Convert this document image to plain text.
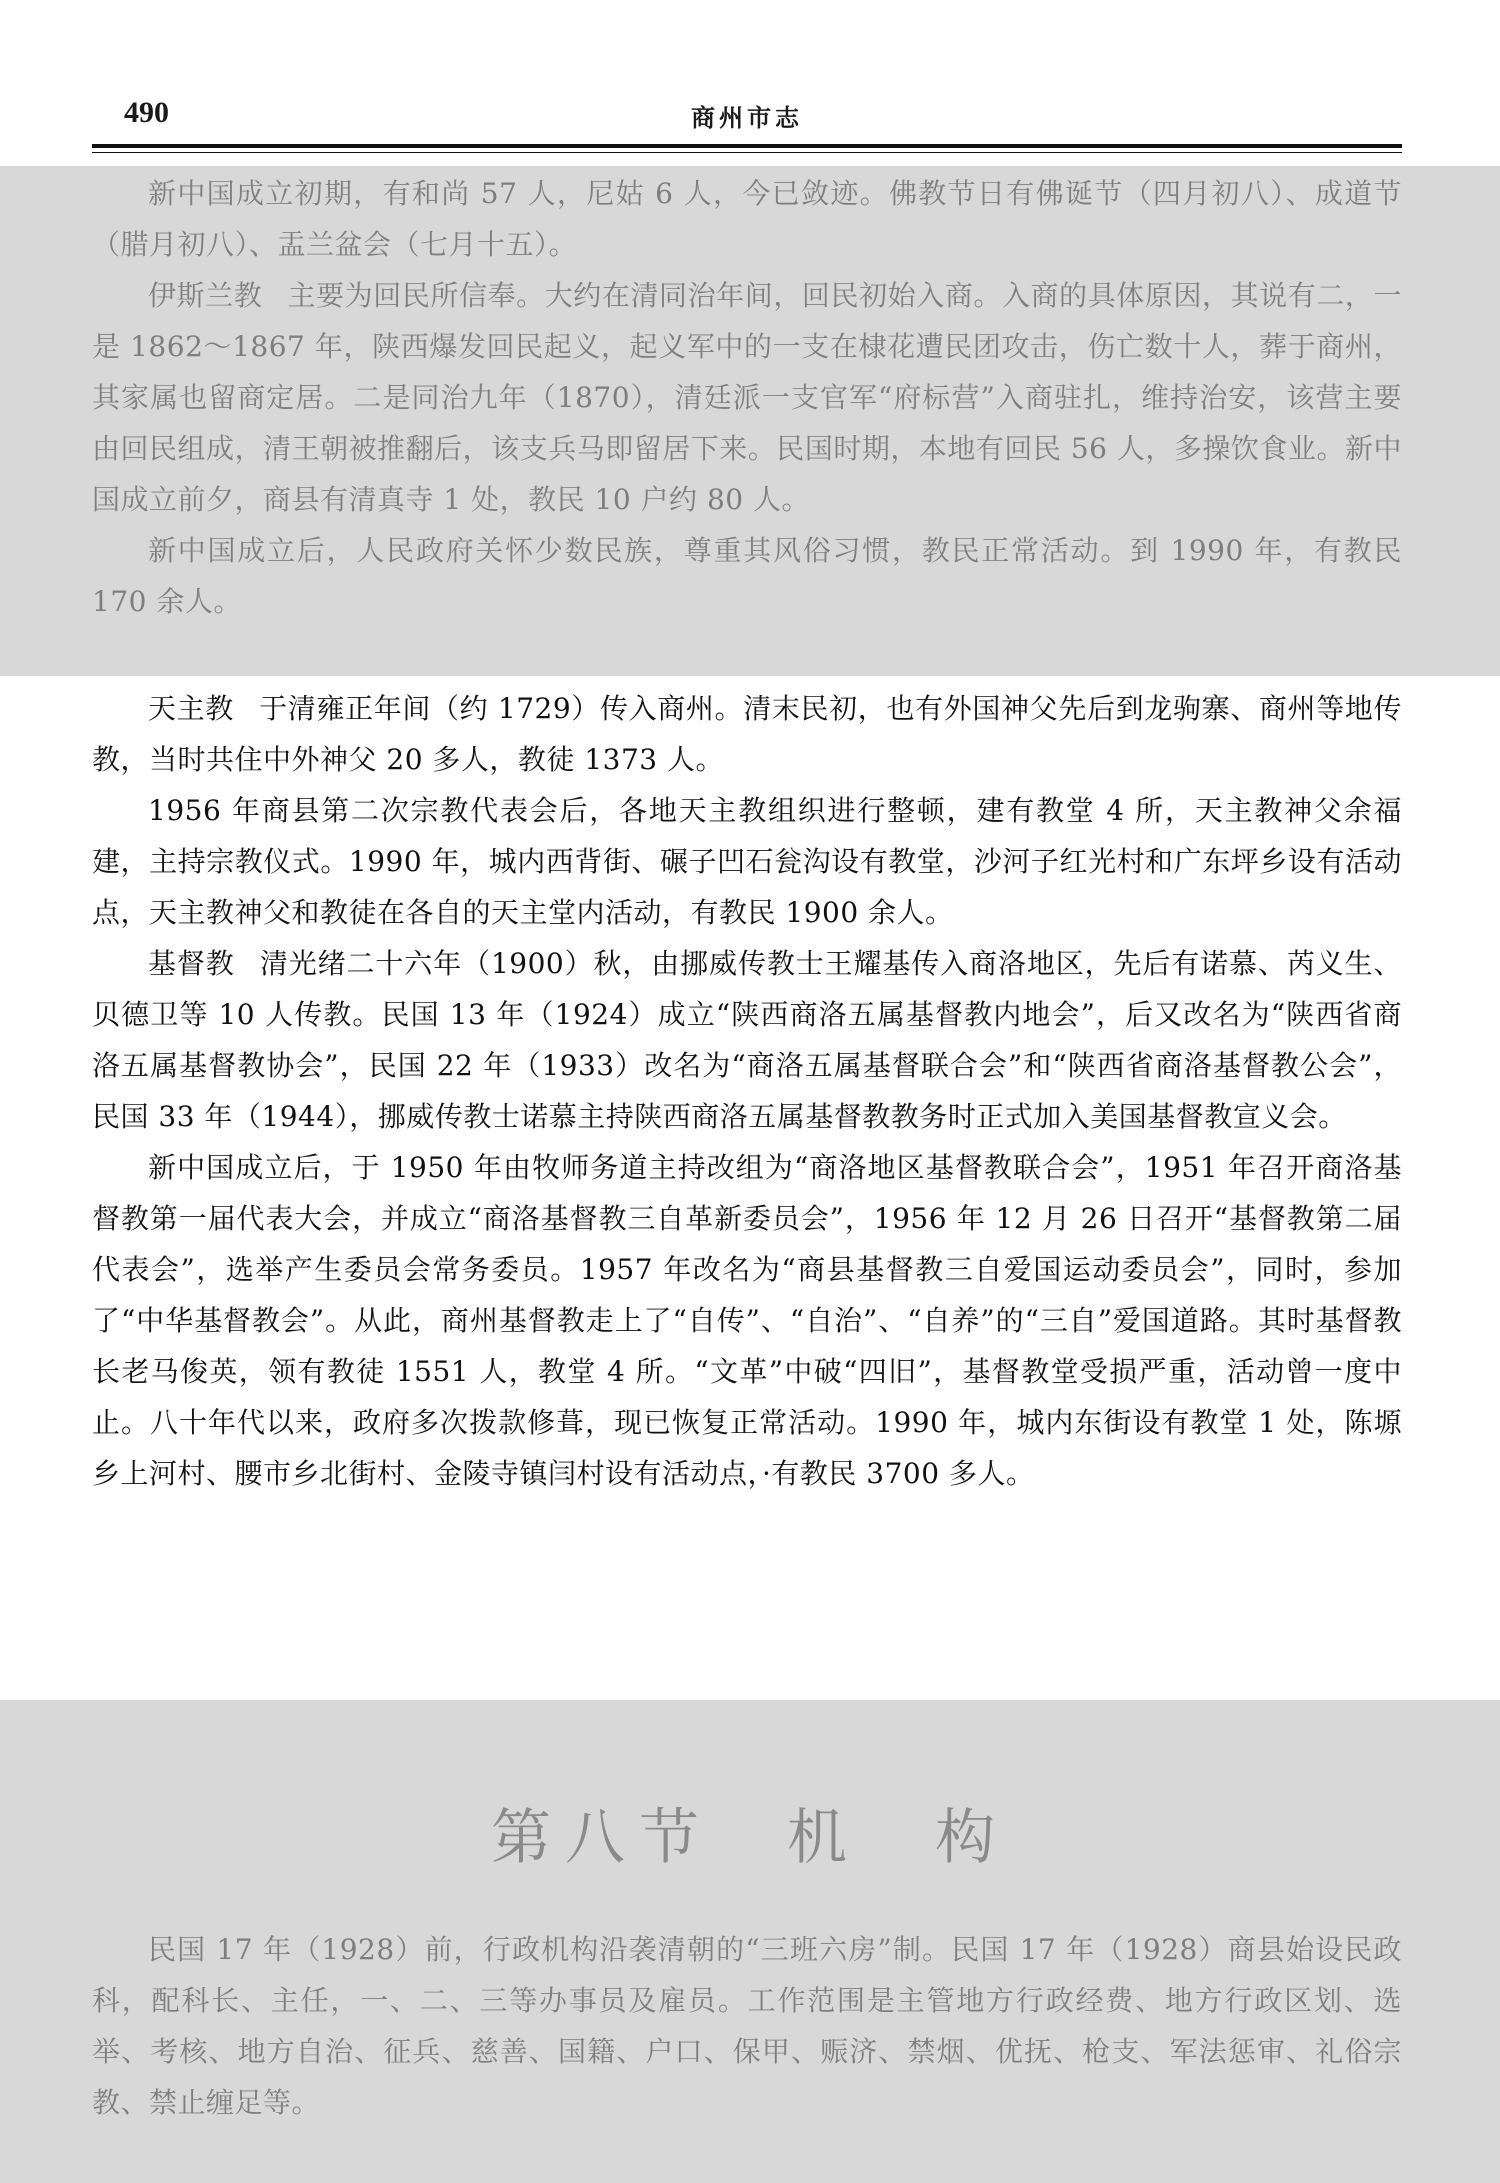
490	商州市志

新中国成立初期，有和尚 57 人，尼姑 6 人，今已敛迹。佛教节日有佛诞节（四月初八）、成道节（腊月初八）、盂兰盆会（七月十五）。

伊斯兰教 主要为回民所信奉。大约在清同治年间，回民初始入商。入商的具体原因，其说有二，一是 1862～1867 年，陕西爆发回民起义，起义军中的一支在棣花遭民团攻击，伤亡数十人，葬于商州，其家属也留商定居。二是同治九年（1870），清廷派一支官军“府标营”入商驻扎，维持治安，该营主要由回民组成，清王朝被推翻后，该支兵马即留居下来。民国时期，本地有回民 56 人，多操饮食业。新中国成立前夕，商县有清真寺 1 处，教民 10 户约 80 人。

新中国成立后，人民政府关怀少数民族，尊重其风俗习惯，教民正常活动。到 1990 年，有教民 170 余人。

天主教 于清雍正年间（约 1729）传入商州。清末民初，也有外国神父先后到龙驹寨、商州等地传教，当时共住中外神父 20 多人，教徒 1373 人。

1956 年商县第二次宗教代表会后，各地天主教组织进行整顿，建有教堂 4 所，天主教神父余福建，主持宗教仪式。1990 年，城内西背街、碾子凹石瓮沟设有教堂，沙河子红光村和广东坪乡设有活动点，天主教神父和教徒在各自的天主堂内活动，有教民 1900 余人。

基督教 清光绪二十六年（1900）秋，由挪威传教士王耀基传入商洛地区，先后有诺慕、芮义生、贝德卫等 10 人传教。民国 13 年（1924）成立“陕西商洛五属基督教内地会”，后又改名为“陕西省商洛五属基督教协会”，民国 22 年（1933）改名为“商洛五属基督联合会”和“陕西省商洛基督教公会”，民国 33 年（1944），挪威传教士诺慕主持陕西商洛五属基督教教务时正式加入美国基督教宣义会。

新中国成立后，于 1950 年由牧师务道主持改组为“商洛地区基督教联合会”，1951 年召开商洛基督教第一届代表大会，并成立“商洛基督教三自革新委员会”，1956 年 12 月 26 日召开“基督教第二届代表会”，选举产生委员会常务委员。1957 年改名为“商县基督教三自爱国运动委员会”，同时，参加了“中华基督教会”。从此，商州基督教走上了“自传”、“自治”、“自养”的“三自”爱国道路。其时基督教长老马俊英，领有教徒 1551 人，教堂 4 所。“文革”中破“四旧”，基督教堂受损严重，活动曾一度中止。八十年代以来，政府多次拨款修葺，现已恢复正常活动。1990 年，城内东街设有教堂 1 处，陈塬乡上河村、腰市乡北街村、金陵寺镇闫村设有活动点，·有教民 3700 多人。

第八节　机　构

民国 17 年（1928）前，行政机构沿袭清朝的“三班六房”制。民国 17 年（1928）商县始设民政科，配科长、主任，一、二、三等办事员及雇员。工作范围是主管地方行政经费、地方行政区划、选举、考核、地方自治、征兵、慈善、国籍、户口、保甲、赈济、禁烟、优抚、枪支、军法惩审、礼俗宗教、禁止缠足等。
